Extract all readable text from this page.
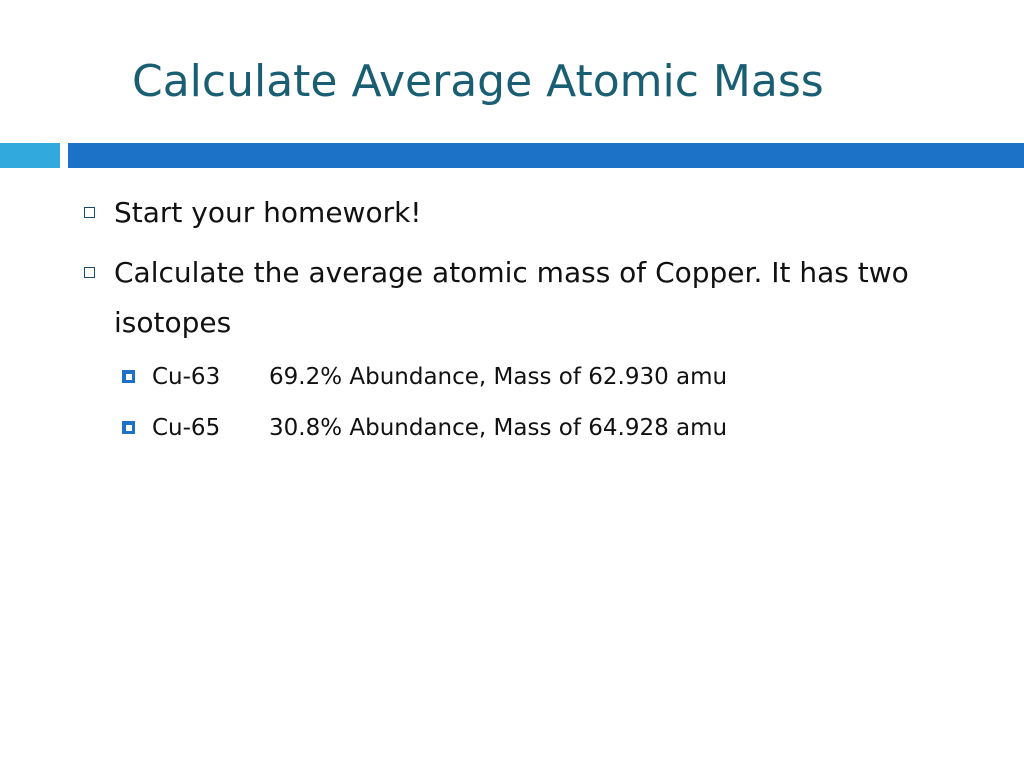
Calculate Average Atomic Mass
Start your homework!
Calculate the average atomic mass of Copper. It has two isotopes
Cu-63 69.2% Abundance, Mass of 62.930 amu
Cu-65 30.8% Abundance, Mass of 64.928 amu
